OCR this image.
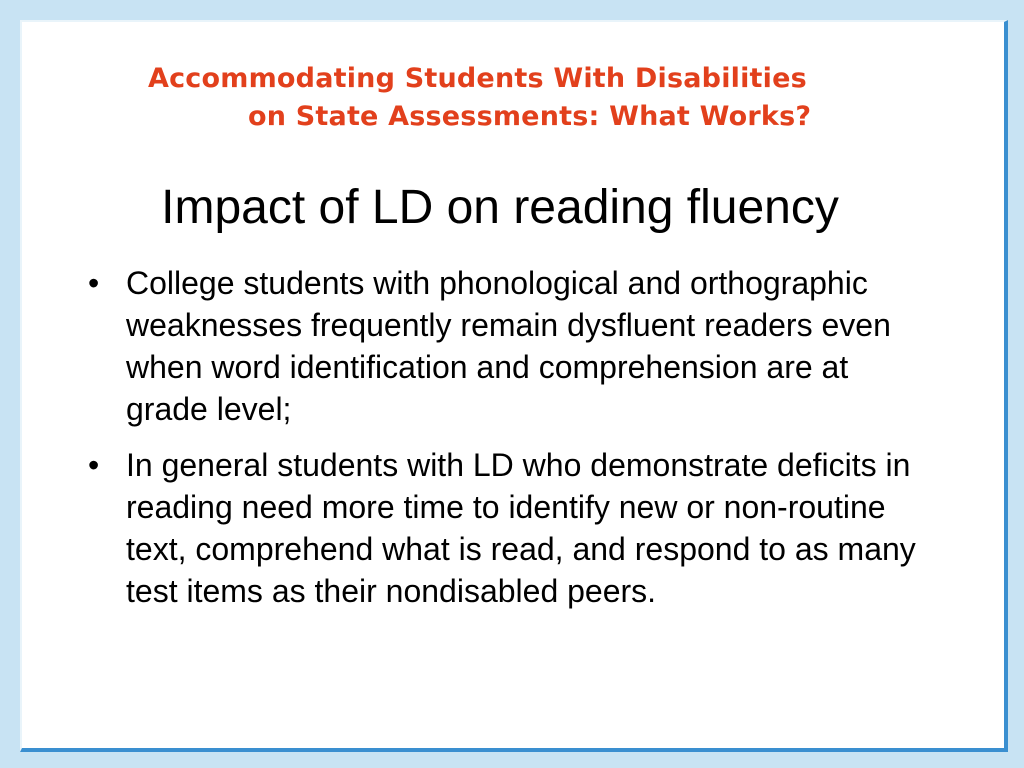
Accommodating Students With Disabilities
on State Assessments: What Works?
Impact of LD on reading fluency
• College students with phonological and orthographic weaknesses frequently remain dysfluent readers even when word identification and comprehension are at grade level;
• In general students with LD who demonstrate deficits in reading need more time to identify new or non-routine text, comprehend what is read, and respond to as many test items as their nondisabled peers.
